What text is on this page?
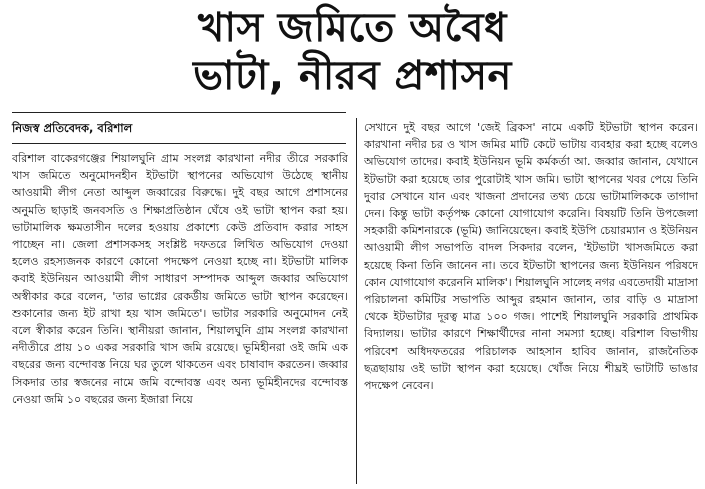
খাস জমিতে অবৈধ
ভাটা, নীরব প্রশাসন
নিজস্ব প্রতিবেদক, বরিশাল

বরিশাল বাকেরগঞ্জের শিয়ালঘুনি গ্রাম সংলগ্ন কারখানা নদীর তীরে সরকারি খাস জমিতে অনুমোদনহীন ইটভাটা স্থাপনের অভিযোগ উঠেছে স্থানীয় আওয়ামী লীগ নেতা আব্দুল জব্বারের বিরুদ্ধে। দুই বছর আগে প্রশাসনের অনুমতি ছাড়াই জনবসতি ও শিক্ষাপ্রতিষ্ঠান ঘেঁষে ওই ভাটা স্থাপন করা হয়। ভাটামালিক ক্ষমতাসীন দলের হওয়ায় প্রকাশ্যে কেউ প্রতিবাদ করার সাহস পাচ্ছেন না। জেলা প্রশাসকসহ সংশ্লিষ্ট দফতরে লিখিত অভিযোগ দেওয়া হলেও রহস্যজনক কারণে কোনো পদক্ষেপ নেওয়া হচ্ছে না। ইটভাটা মালিক কবাই ইউনিয়ন আওয়ামী লীগ সাধারণ সম্পাদক আব্দুল জব্বার অভিযোগ অস্বীকার করে বলেন, 'তার ভাগ্নের রেকর্ডীয় জমিতে ভাটা স্থাপন করেছেন। শুকানোর জন্য ইট রাখা হয় খাস জমিতে'। ভাটার সরকারি অনুমোদন নেই বলে স্বীকার করেন তিনি। স্থানীয়রা জানান, শিয়ালঘুনি গ্রাম সংলগ্ন কারখানা নদীতীরে প্রায় ১০ একর সরকারি খাস জমি রয়েছে। ভূমিহীনরা ওই জমি এক বছরের জন্য বন্দোবস্ত নিয়ে ঘর তুলে থাকতেন এবং চাষাবাদ করতেন। জব্বার সিকদার তার স্বজনের নামে জমি বন্দোবস্ত এবং অন্য ভূমিহীনদের বন্দোবস্ত নেওয়া জমি ১০ বছরের জন্য ইজারা নিয়ে

সেখানে দুই বছর আগে 'জেই ব্রিকস' নামে একটি ইটভাটা স্থাপন করেন। কারখানা নদীর চর ও খাস জমির মাটি কেটে ভাটায় ব্যবহার করা হচ্ছে বলেও অভিযোগ তাদের। কবাই ইউনিয়ন ভূমি কর্মকর্তা আ. জব্বার জানান, যেখানে ইটভাটা করা হয়েছে তার পুরোটাই খাস জমি। ভাটা স্থাপনের খবর পেয়ে তিনি দুবার সেখানে যান এবং খাজনা প্রদানের তথ্য চেয়ে ভাটামালিককে তাগাদা দেন। কিন্তু ভাটা কর্তৃপক্ষ কোনো যোগাযোগ করেনি। বিষয়টি তিনি উপজেলা সহকারী কমিশনারকে (ভূমি) জানিয়েছেন। কবাই ইউপি চেয়ারম্যান ও ইউনিয়ন আওয়ামী লীগ সভাপতি বাদল সিকদার বলেন, 'ইটভাটা খাসজমিতে করা হয়েছে কিনা তিনি জানেন না। তবে ইটভাটা স্থাপনের জন্য ইউনিয়ন পরিষদে কোন যোগাযোগ করেননি মালিক'। শিয়ালঘুনি সালেহ নগর এবতেদায়ী মাদ্রাসা পরিচালনা কমিটির সভাপতি আব্দুর রহমান জানান, তার বাড়ি ও মাদ্রাসা থেকে ইটভাটার দূরত্ব মাত্র ১০০ গজ। পাশেই শিয়ালঘুনি সরকারি প্রাথমিক বিদ্যালয়। ভাটার কারণে শিক্ষার্থীদের নানা সমস্যা হচ্ছে। বরিশাল বিভাগীয় পরিবেশ অধিদফতরের পরিচালক আহসান হাবিব জানান, রাজনৈতিক ছত্রছায়ায় ওই ভাটা স্থাপন করা হয়েছে। খোঁজ নিয়ে শীঘ্রই ভাটাটি ভাঙার পদক্ষেপ নেবেন।
